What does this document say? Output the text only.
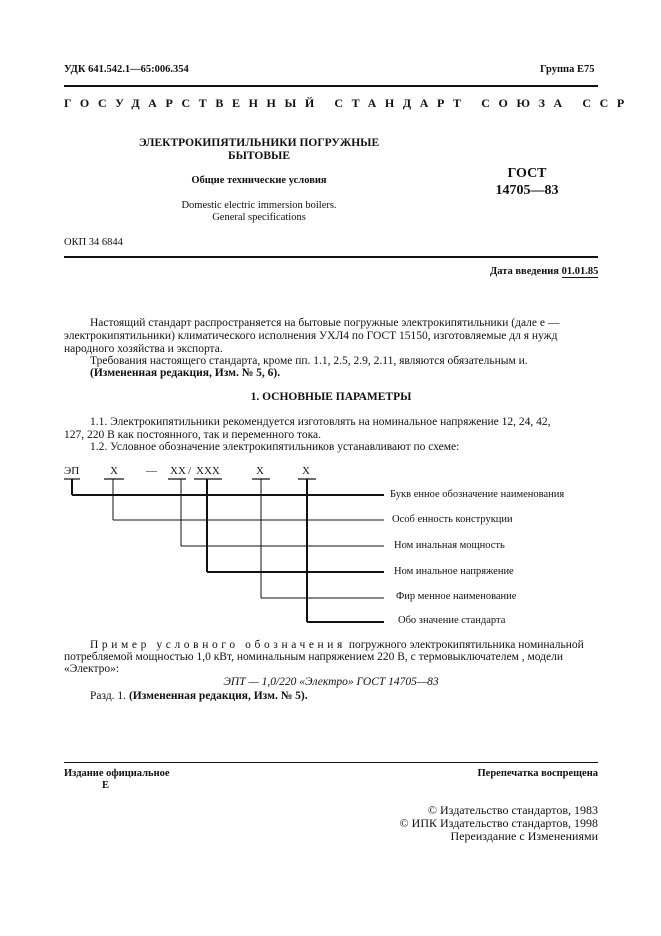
УДК 641.542.1—65:006.354	Группа Е75
ГОСУДАРСТВЕННЫЙ СТАНДАРТ СОЮЗА ССР
ЭЛЕКТРОКИПЯТИЛЬНИКИ ПОГРУЖНЫЕ
БЫТОВЫЕ
Общие технические условия
Domestic electric immersion boilers.
General specifications
ГОСТ
14705—83
ОКП 34 6844
Дата введения 01.01.85
Настоящий стандарт распространяется на бытовые погружные электрокипятильники (дале е —
электрокипятильники) климатического исполнения УХЛ4 по ГОСТ 15150, изготовляемые дл я нужд
народного хозяйства и экспорта.
Требования настоящего стандарта, кроме пп. 1.1, 2.5, 2.9, 2.11, являются обязательным и.
(Измененная редакция, Изм. № 5, 6).
1. ОСНОВНЫЕ ПАРАМЕТРЫ
1.1. Электрокипятильники рекомендуется изготовлять на номинальное напряжение 12, 24, 42,
127, 220 В как постоянного, так и переменного тока.
1.2. Условное обозначение электрокипятильников устанавливают по схеме:
ЭП	X	— XX / XXX	X	X
Букв енное обозначение наименования
Особ енность конструкции
Ном инальная мощность
Ном инальное напряжение
Фир менное наименование
Обо значение стандарта
Пример условного обозначения погружного электрокипятильника номинальной
потребляемой мощностью 1,0 кВт, номинальным напряжением 220 В, с термовыключателем , модели
«Электро»:
ЭПТ — 1,0/220 «Электро» ГОСТ 14705—83
Разд. 1. (Измененная редакция, Изм. № 5).
Издание официальное
E
Перепечатка воспрещена
© Издательство стандартов, 1983
© ИПК Издательство стандартов, 1998
Переиздание с Изменениями
